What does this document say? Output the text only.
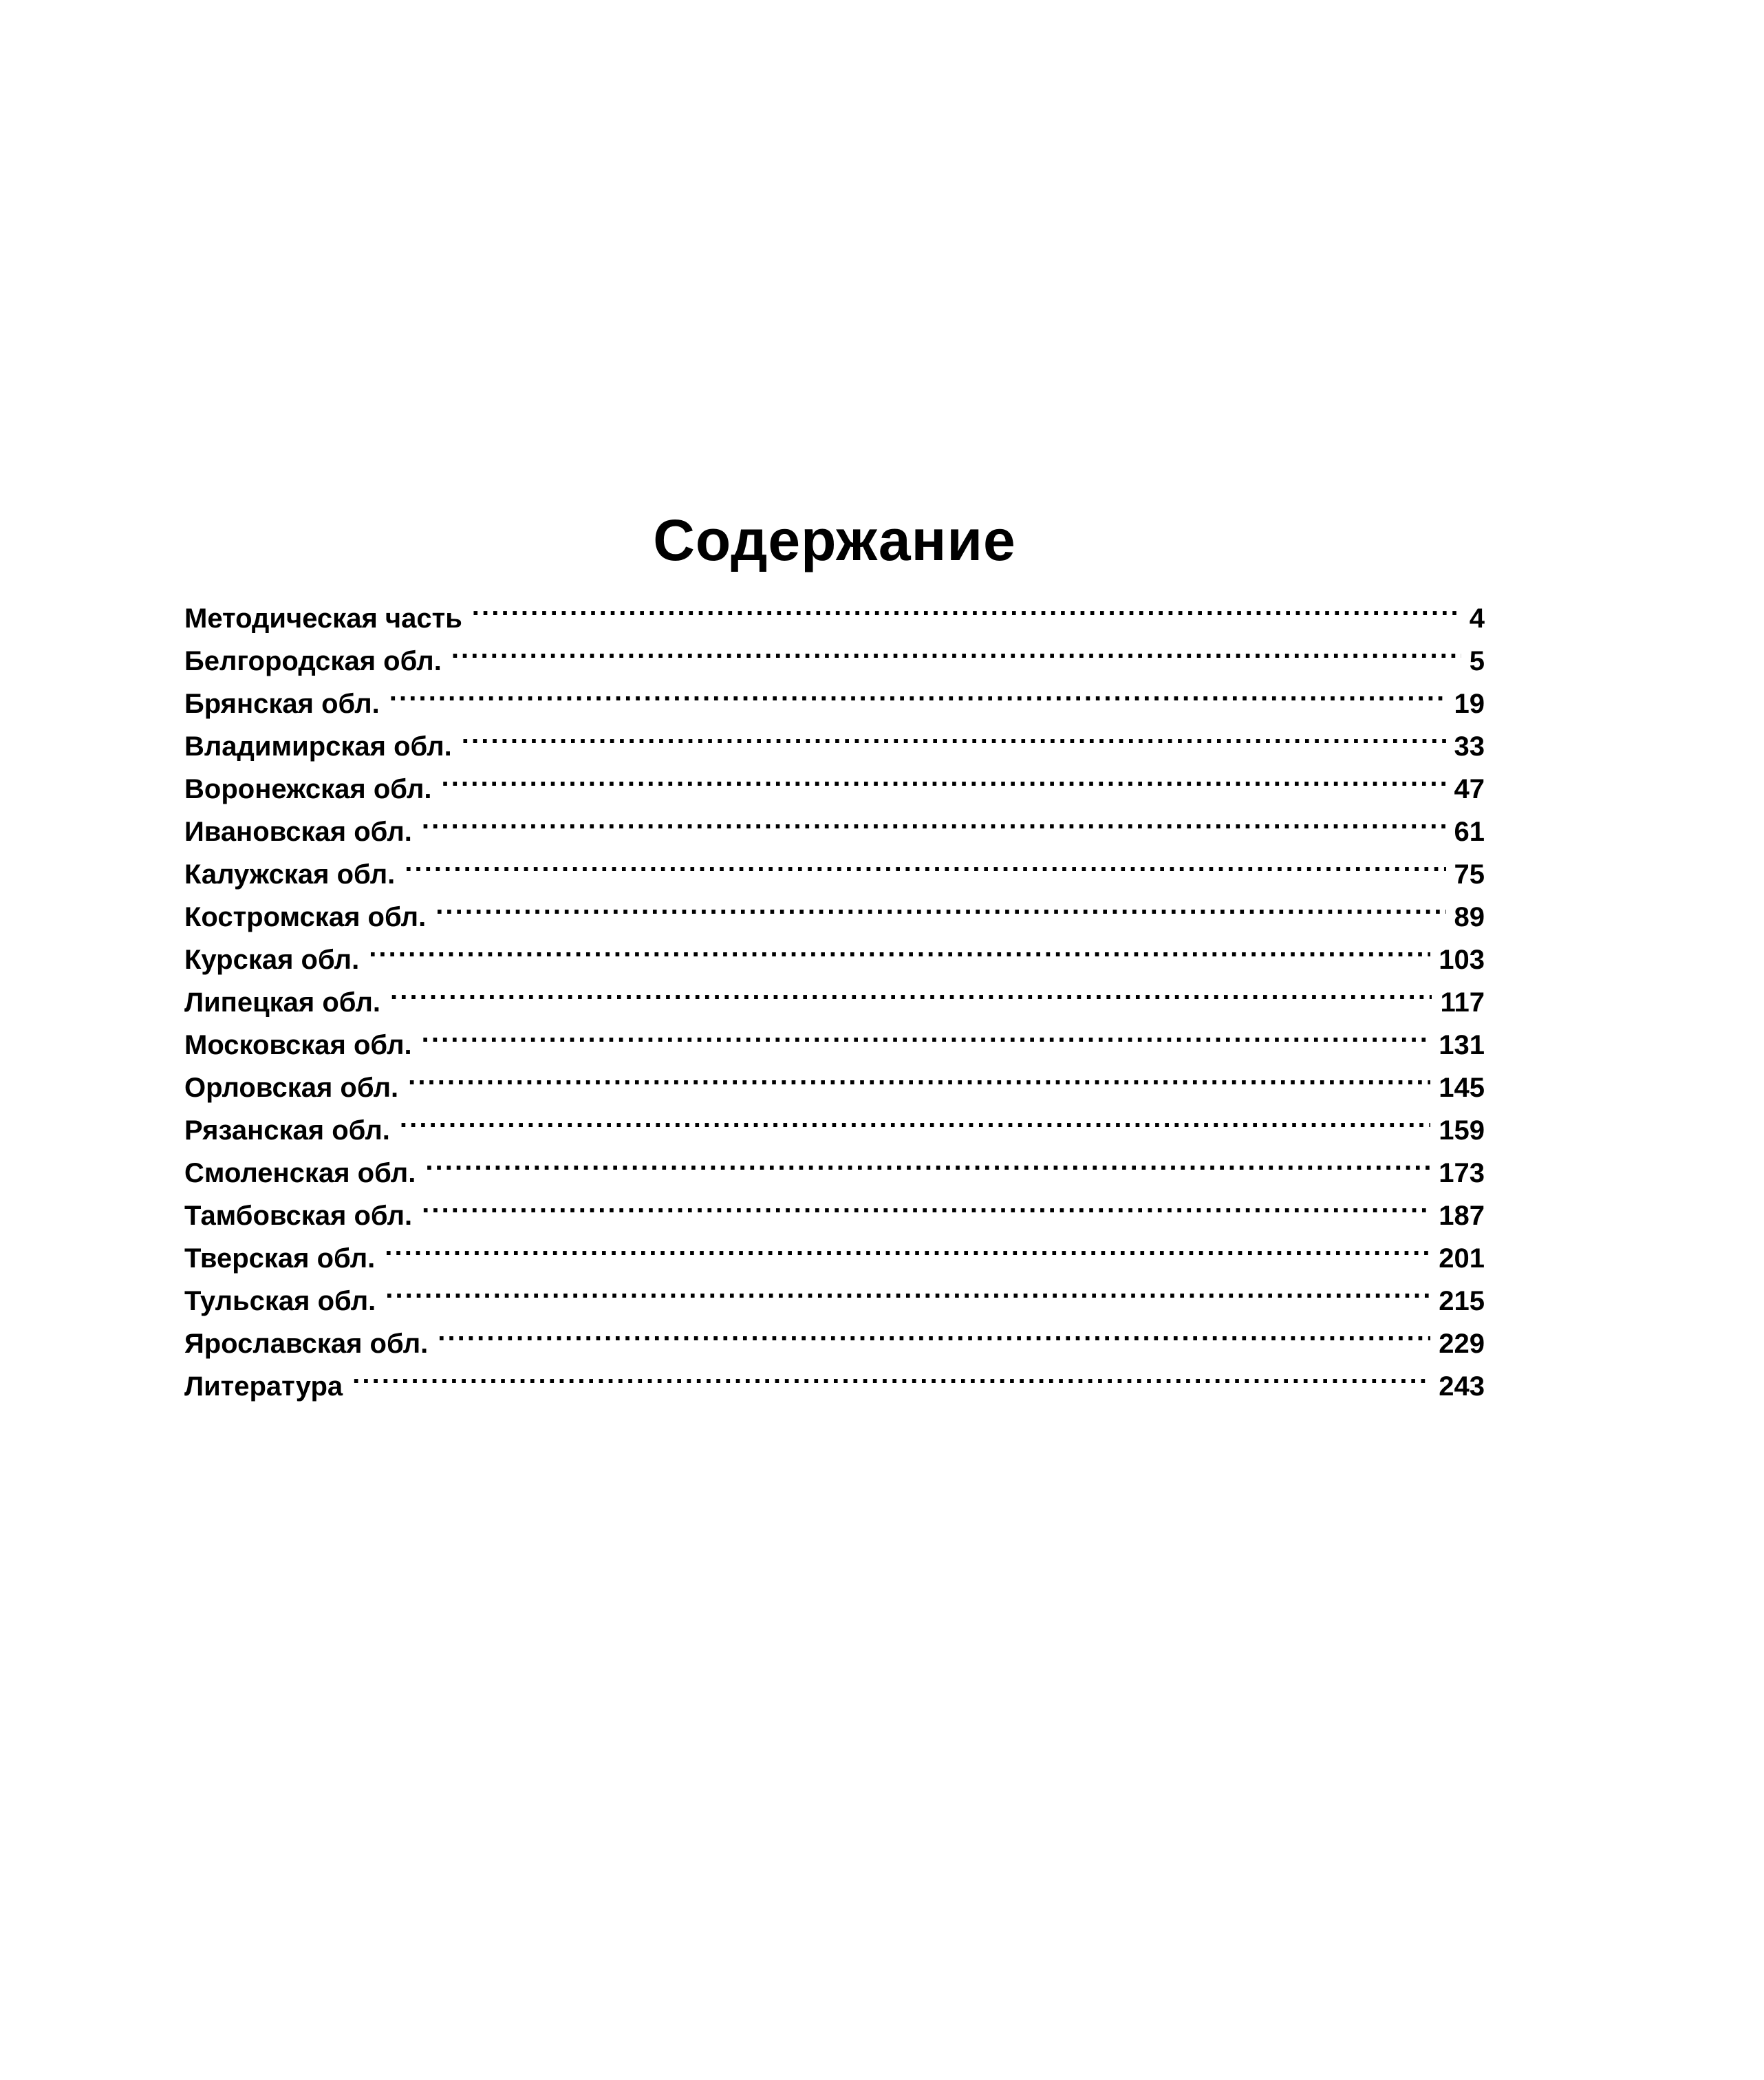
Содержание
Методическая часть . . .	4
Белгородская обл. . . .	5
Брянская обл. . . .	19
Владимирская обл. . . .	33
Воронежская обл. . . .	47
Ивановская обл. . . .	61
Калужская обл. . . .	75
Костромская обл. . . .	89
Курская обл. . . .	103
Липецкая обл. . . .	117
Московская обл. . . .	131
Орловская обл. . . .	145
Рязанская обл. . . .	159
Смоленская обл. . . .	173
Тамбовская обл. . . .	187
Тверская обл. . . .	201
Тульская обл. . . .	215
Ярославская обл. . . .	229
Литература . . .	243
